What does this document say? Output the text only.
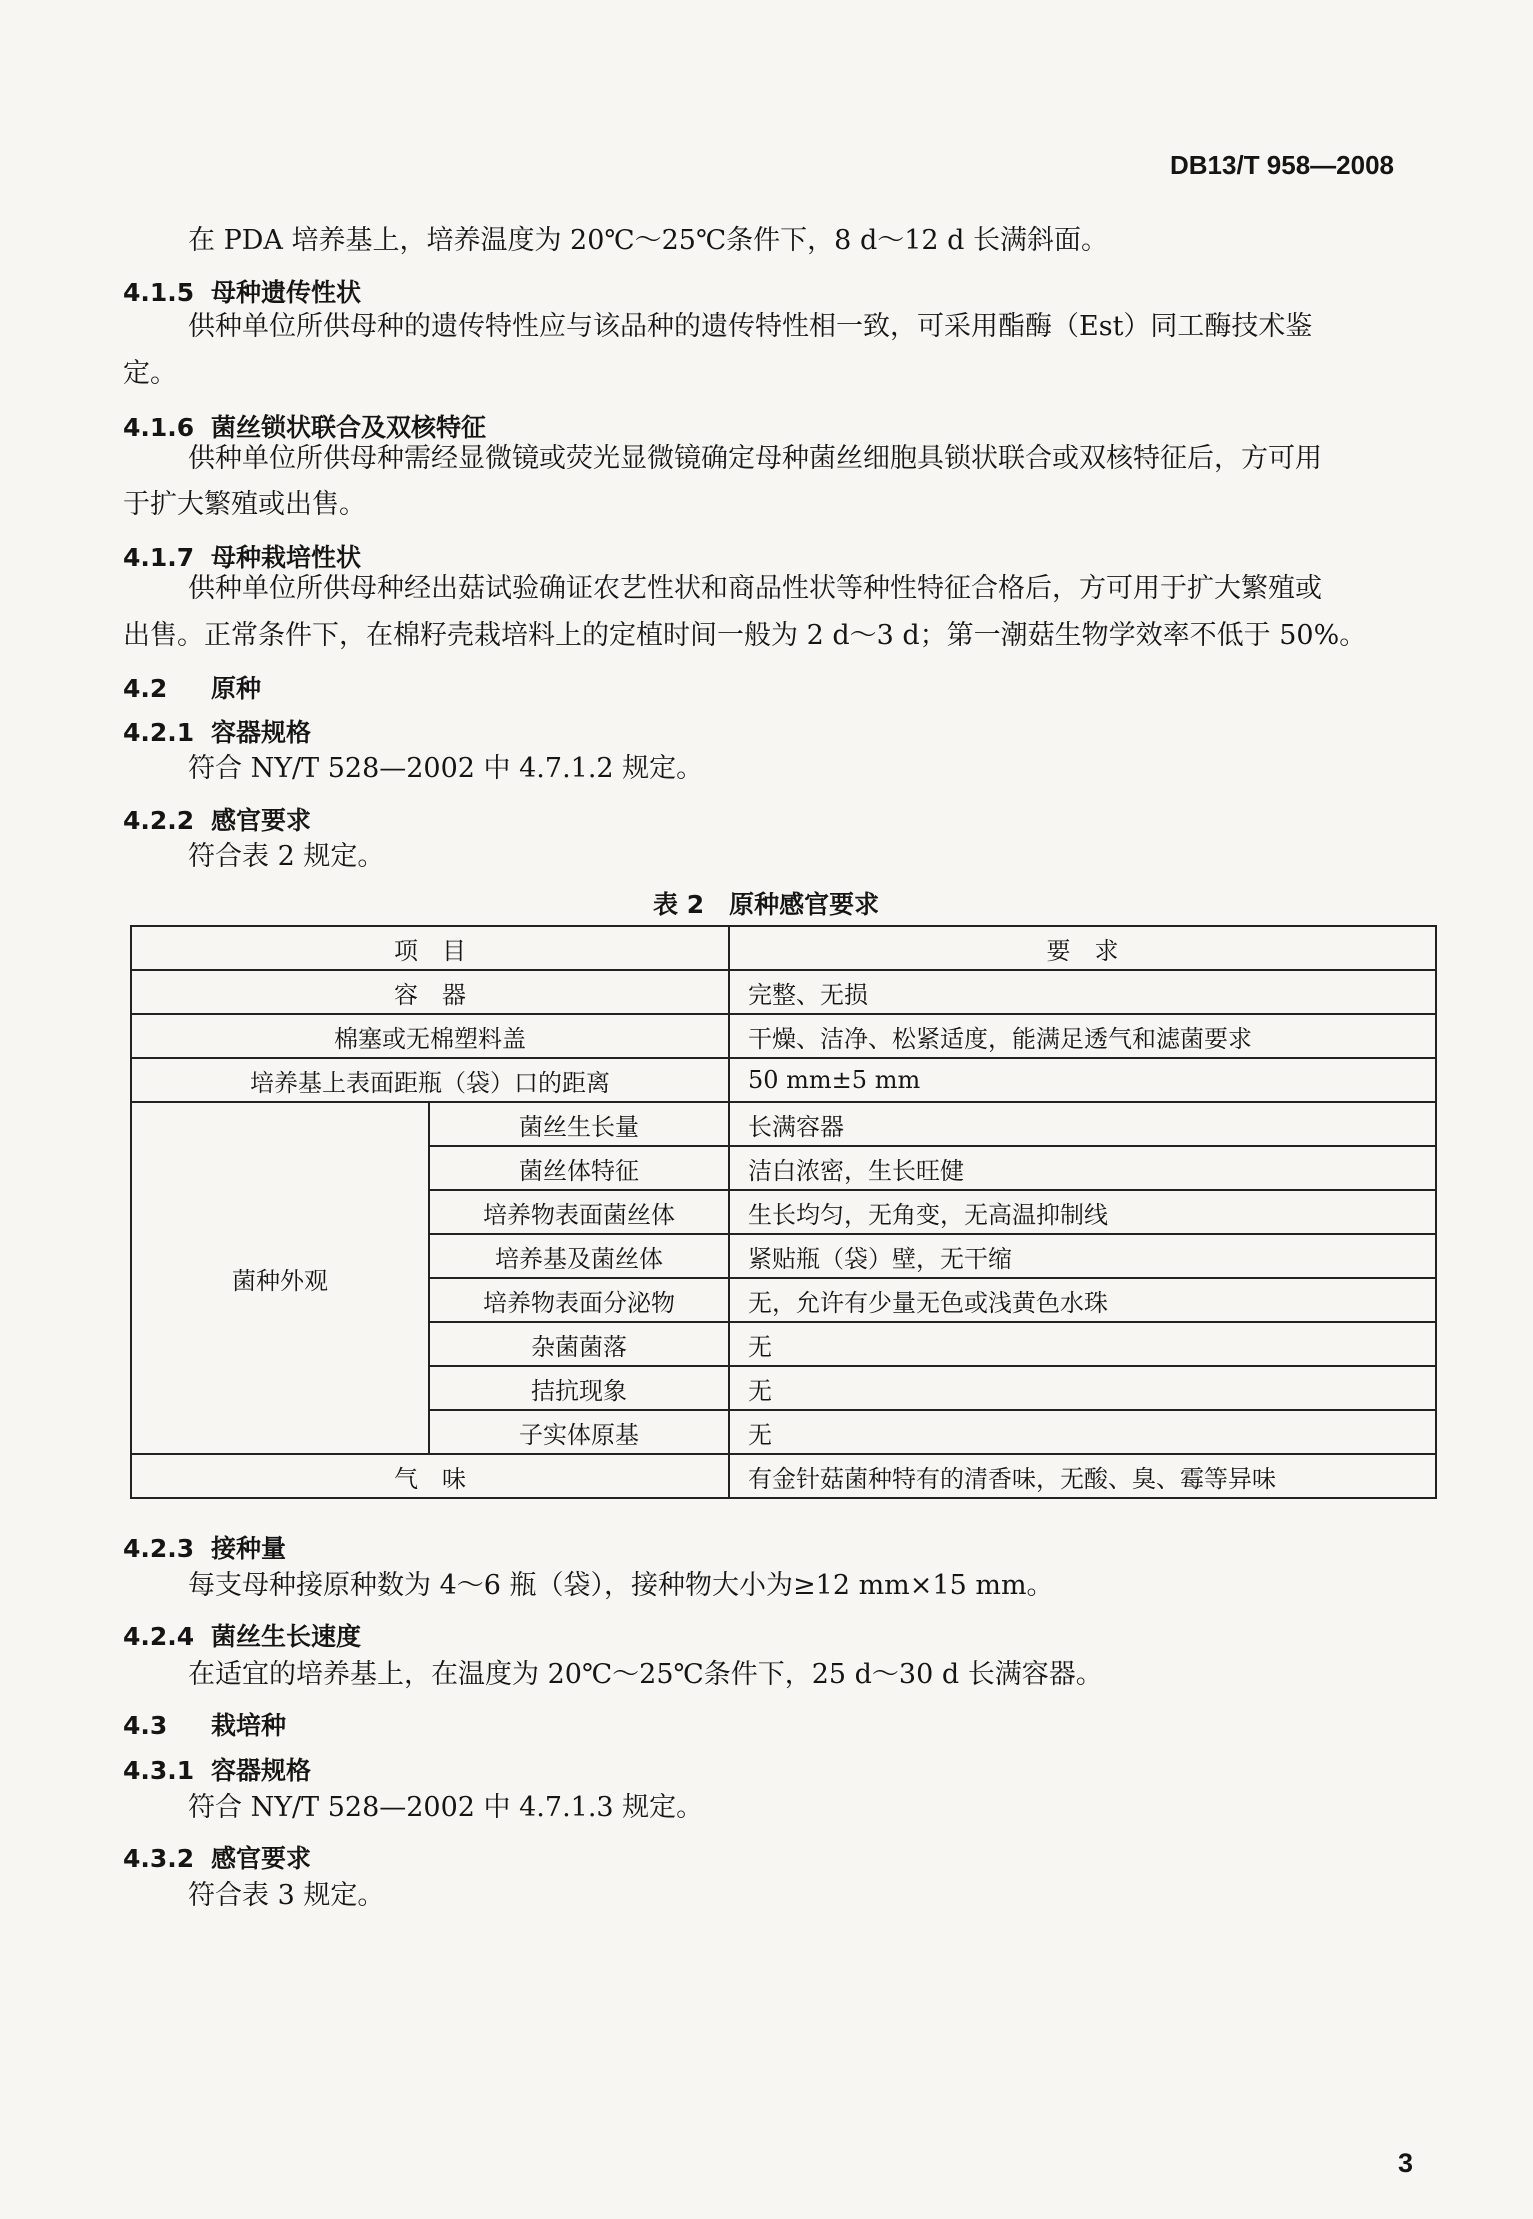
DB13/T 958—2008
在 PDA 培养基上，培养温度为 20℃～25℃条件下，8 d～12 d 长满斜面。
4.1.5 母种遗传性状
供种单位所供母种的遗传特性应与该品种的遗传特性相一致，可采用酯酶（Est）同工酶技术鉴
定。
4.1.6 菌丝锁状联合及双核特征
供种单位所供母种需经显微镜或荧光显微镜确定母种菌丝细胞具锁状联合或双核特征后，方可用
于扩大繁殖或出售。
4.1.7 母种栽培性状
供种单位所供母种经出菇试验确证农艺性状和商品性状等种性特征合格后，方可用于扩大繁殖或
出售。正常条件下，在棉籽壳栽培料上的定植时间一般为 2 d～3 d；第一潮菇生物学效率不低于 50%。
4.2 原种
4.2.1 容器规格
符合 NY/T 528—2002 中 4.7.1.2 规定。
4.2.2 感官要求
符合表 2 规定。
表 2　原种感官要求
项　目		要　求
容　器		完整、无损
棉塞或无棉塑料盖		干燥、洁净、松紧适度，能满足透气和滤菌要求
培养基上表面距瓶（袋）口的距离		50 mm±5 mm
菌种外观	菌丝生长量	长满容器
	菌丝体特征	洁白浓密，生长旺健
	培养物表面菌丝体	生长均匀，无角变，无高温抑制线
	培养基及菌丝体	紧贴瓶（袋）壁，无干缩
	培养物表面分泌物	无，允许有少量无色或浅黄色水珠
	杂菌菌落	无
	拮抗现象	无
	子实体原基	无
气　味		有金针菇菌种特有的清香味，无酸、臭、霉等异味
4.2.3 接种量
每支母种接原种数为 4～6 瓶（袋），接种物大小为≥12 mm×15 mm。
4.2.4 菌丝生长速度
在适宜的培养基上，在温度为 20℃～25℃条件下，25 d～30 d 长满容器。
4.3 栽培种
4.3.1 容器规格
符合 NY/T 528—2002 中 4.7.1.3 规定。
4.3.2 感官要求
符合表 3 规定。
3
